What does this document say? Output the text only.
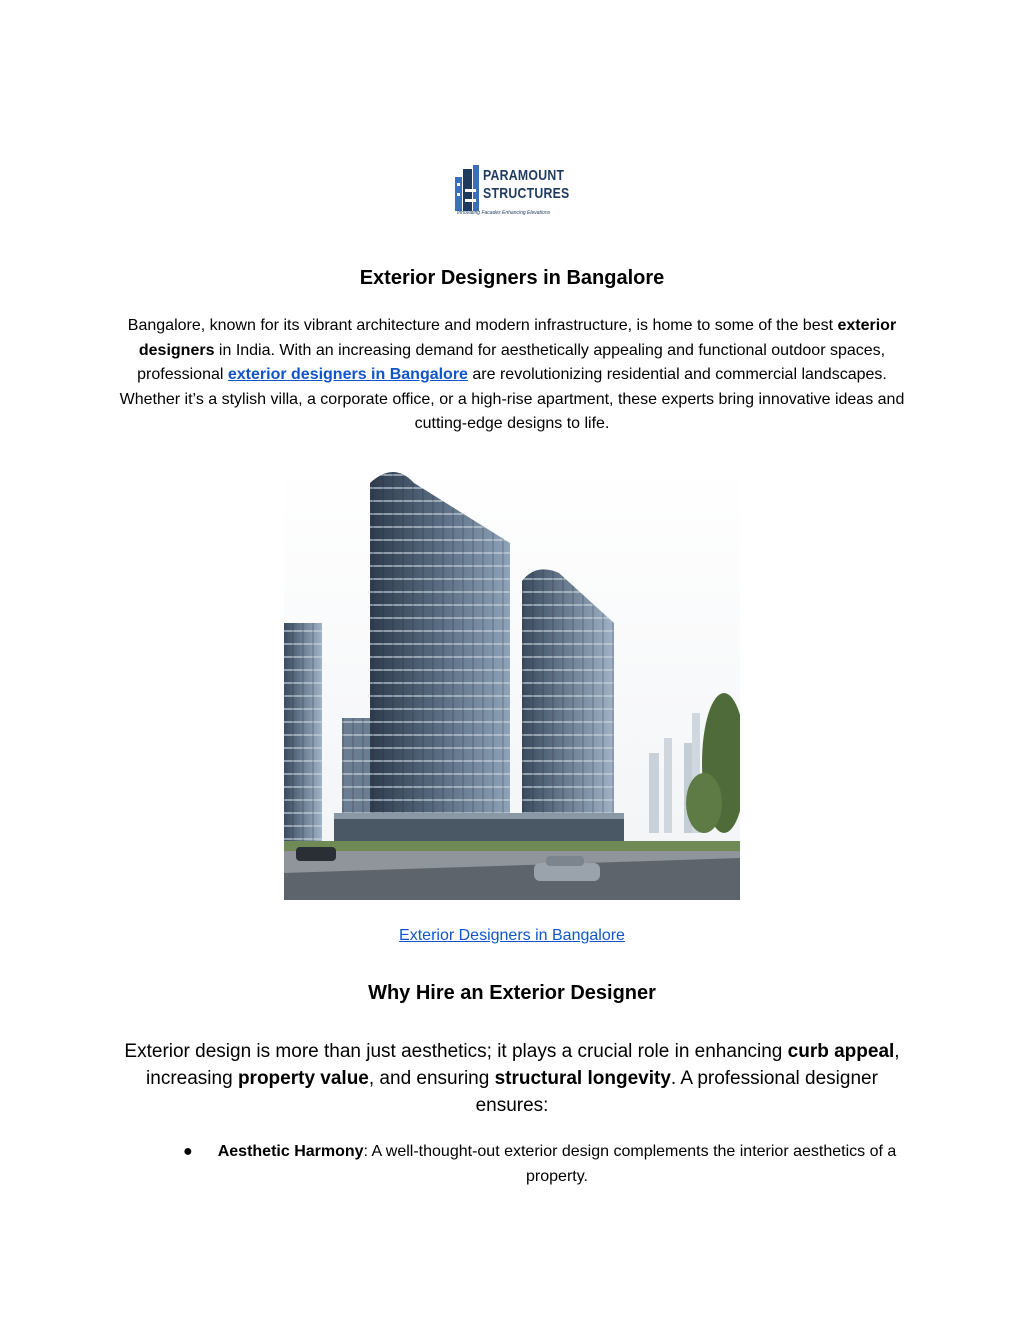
PARAMOUNT
STRUCTURES
Innovating Facades Enhancing Elevations
Exterior Designers in Bangalore

Bangalore, known for its vibrant architecture and modern infrastructure, is home to some of the best exterior designers in India. With an increasing demand for aesthetically appealing and functional outdoor spaces, professional exterior designers in Bangalore are revolutionizing residential and commercial landscapes. Whether it’s a stylish villa, a corporate office, or a high-rise apartment, these experts bring innovative ideas and cutting-edge designs to life.

Exterior Designers in Bangalore
Why Hire an Exterior Designer

Exterior design is more than just aesthetics; it plays a crucial role in enhancing curb appeal, increasing property value, and ensuring structural longevity. A professional designer ensures:

● Aesthetic Harmony: A well-thought-out exterior design complements the interior aesthetics of a property.
